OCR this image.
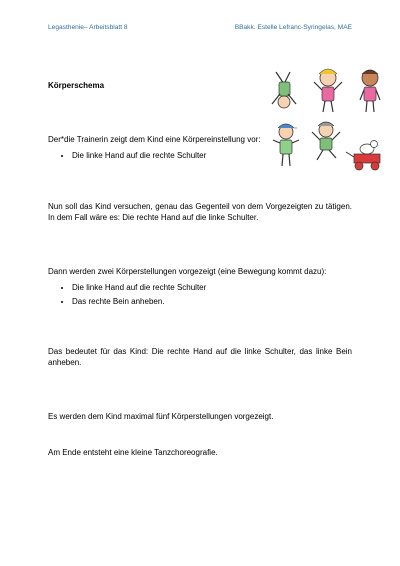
Legasthenie– Arbeitsblatt 8	BBakk. Estelle Lefranc-Syringelas, MAE

Körperschema

Der*die Trainerin zeigt dem Kind eine Körpereinstellung vor:

• Die linke Hand auf die rechte Schulter

Nun soll das Kind versuchen, genau das Gegenteil von dem Vorgezeigten zu tätigen. In dem Fall wäre es: Die rechte Hand auf die linke Schulter.

Dann werden zwei Körperstellungen vorgezeigt (eine Bewegung kommt dazu):

• Die linke Hand auf die rechte Schulter
• Das rechte Bein anheben.

Das bedeutet für das Kind: Die rechte Hand auf die linke Schulter, das linke Bein anheben.

Es werden dem Kind maximal fünf Körperstellungen vorgezeigt.

Am Ende entsteht eine kleine Tanzchoreografie.
